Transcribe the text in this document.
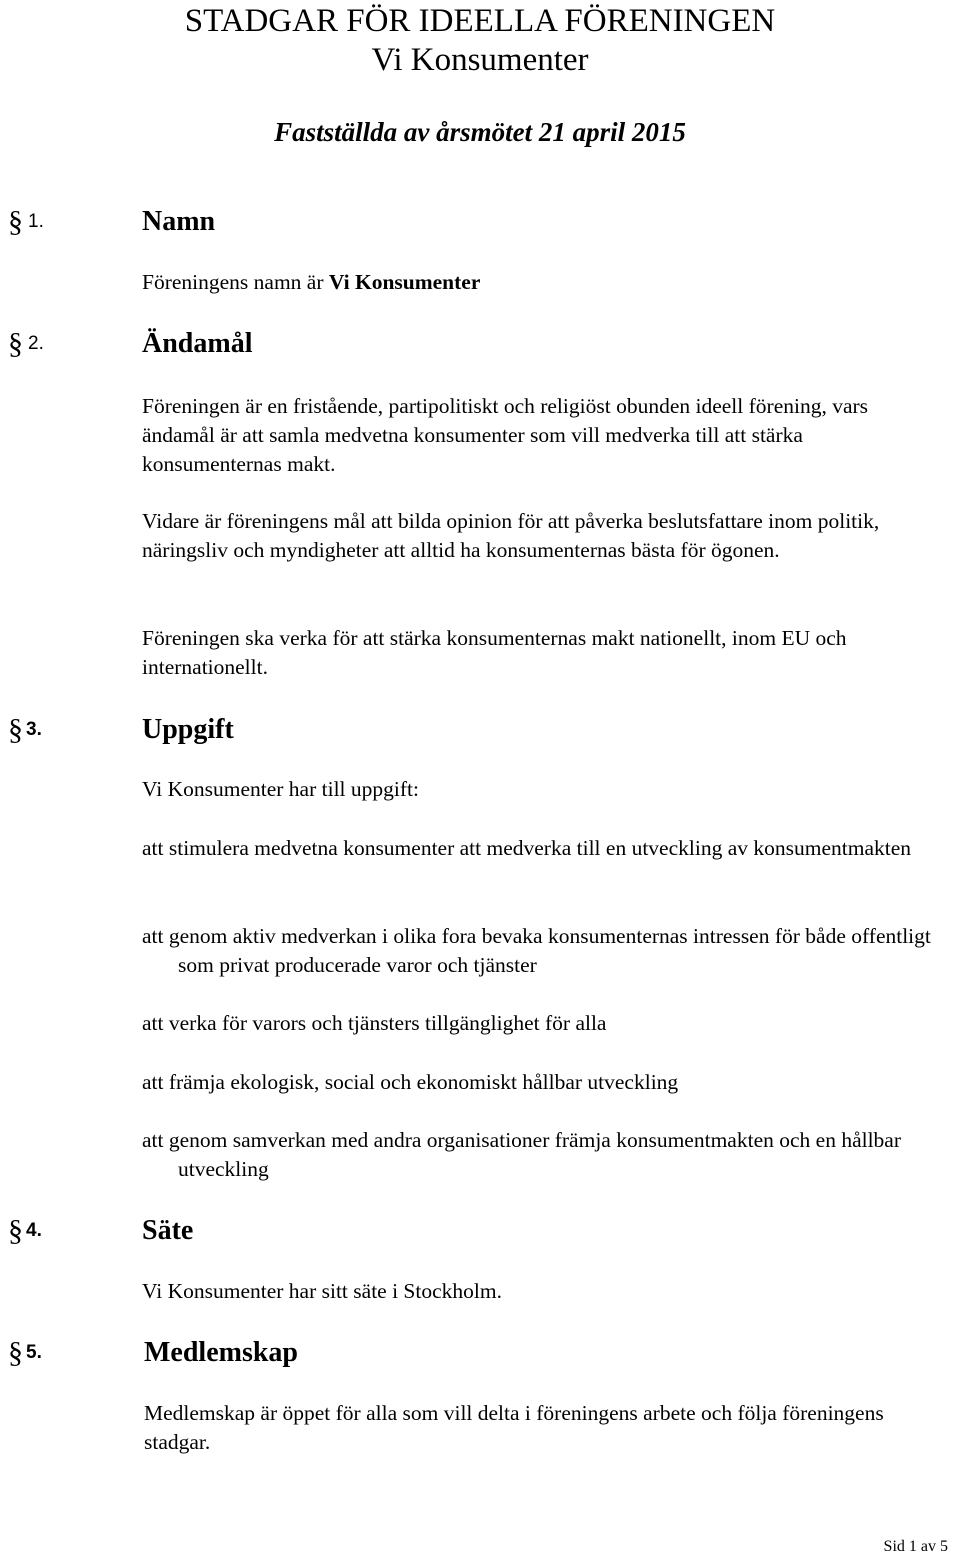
STADGAR FÖR IDEELLA FÖRENINGEN
Vi Konsumenter
Fastställda av årsmötet 21 april 2015
§ 1.	Namn
Föreningens namn är Vi Konsumenter
§ 2.	Ändamål
Föreningen är en fristående, partipolitiskt och religiöst obunden ideell förening, vars ändamål är att samla medvetna konsumenter som vill medverka till att stärka konsumenternas makt.
Vidare är föreningens mål att bilda opinion för att påverka beslutsfattare inom politik, näringsliv och myndigheter att alltid ha konsumenternas bästa för ögonen.
Föreningen ska verka för att stärka konsumenternas makt nationellt, inom EU och internationellt.
§ 3.	Uppgift
Vi Konsumenter har till uppgift:
att stimulera medvetna konsumenter att medverka till en utveckling av konsumentmakten
att genom aktiv medverkan i olika fora bevaka konsumenternas intressen för både offentligt som privat producerade varor och tjänster
att verka för varors och tjänsters tillgänglighet för alla
att främja ekologisk, social och ekonomiskt hållbar utveckling
att genom samverkan med andra organisationer främja konsumentmakten och en hållbar utveckling
§ 4.	Säte
Vi Konsumenter har sitt säte i Stockholm.
§ 5.	Medlemskap
Medlemskap är öppet för alla som vill delta i föreningens arbete och följa föreningens stadgar.
Sid 1 av 5
